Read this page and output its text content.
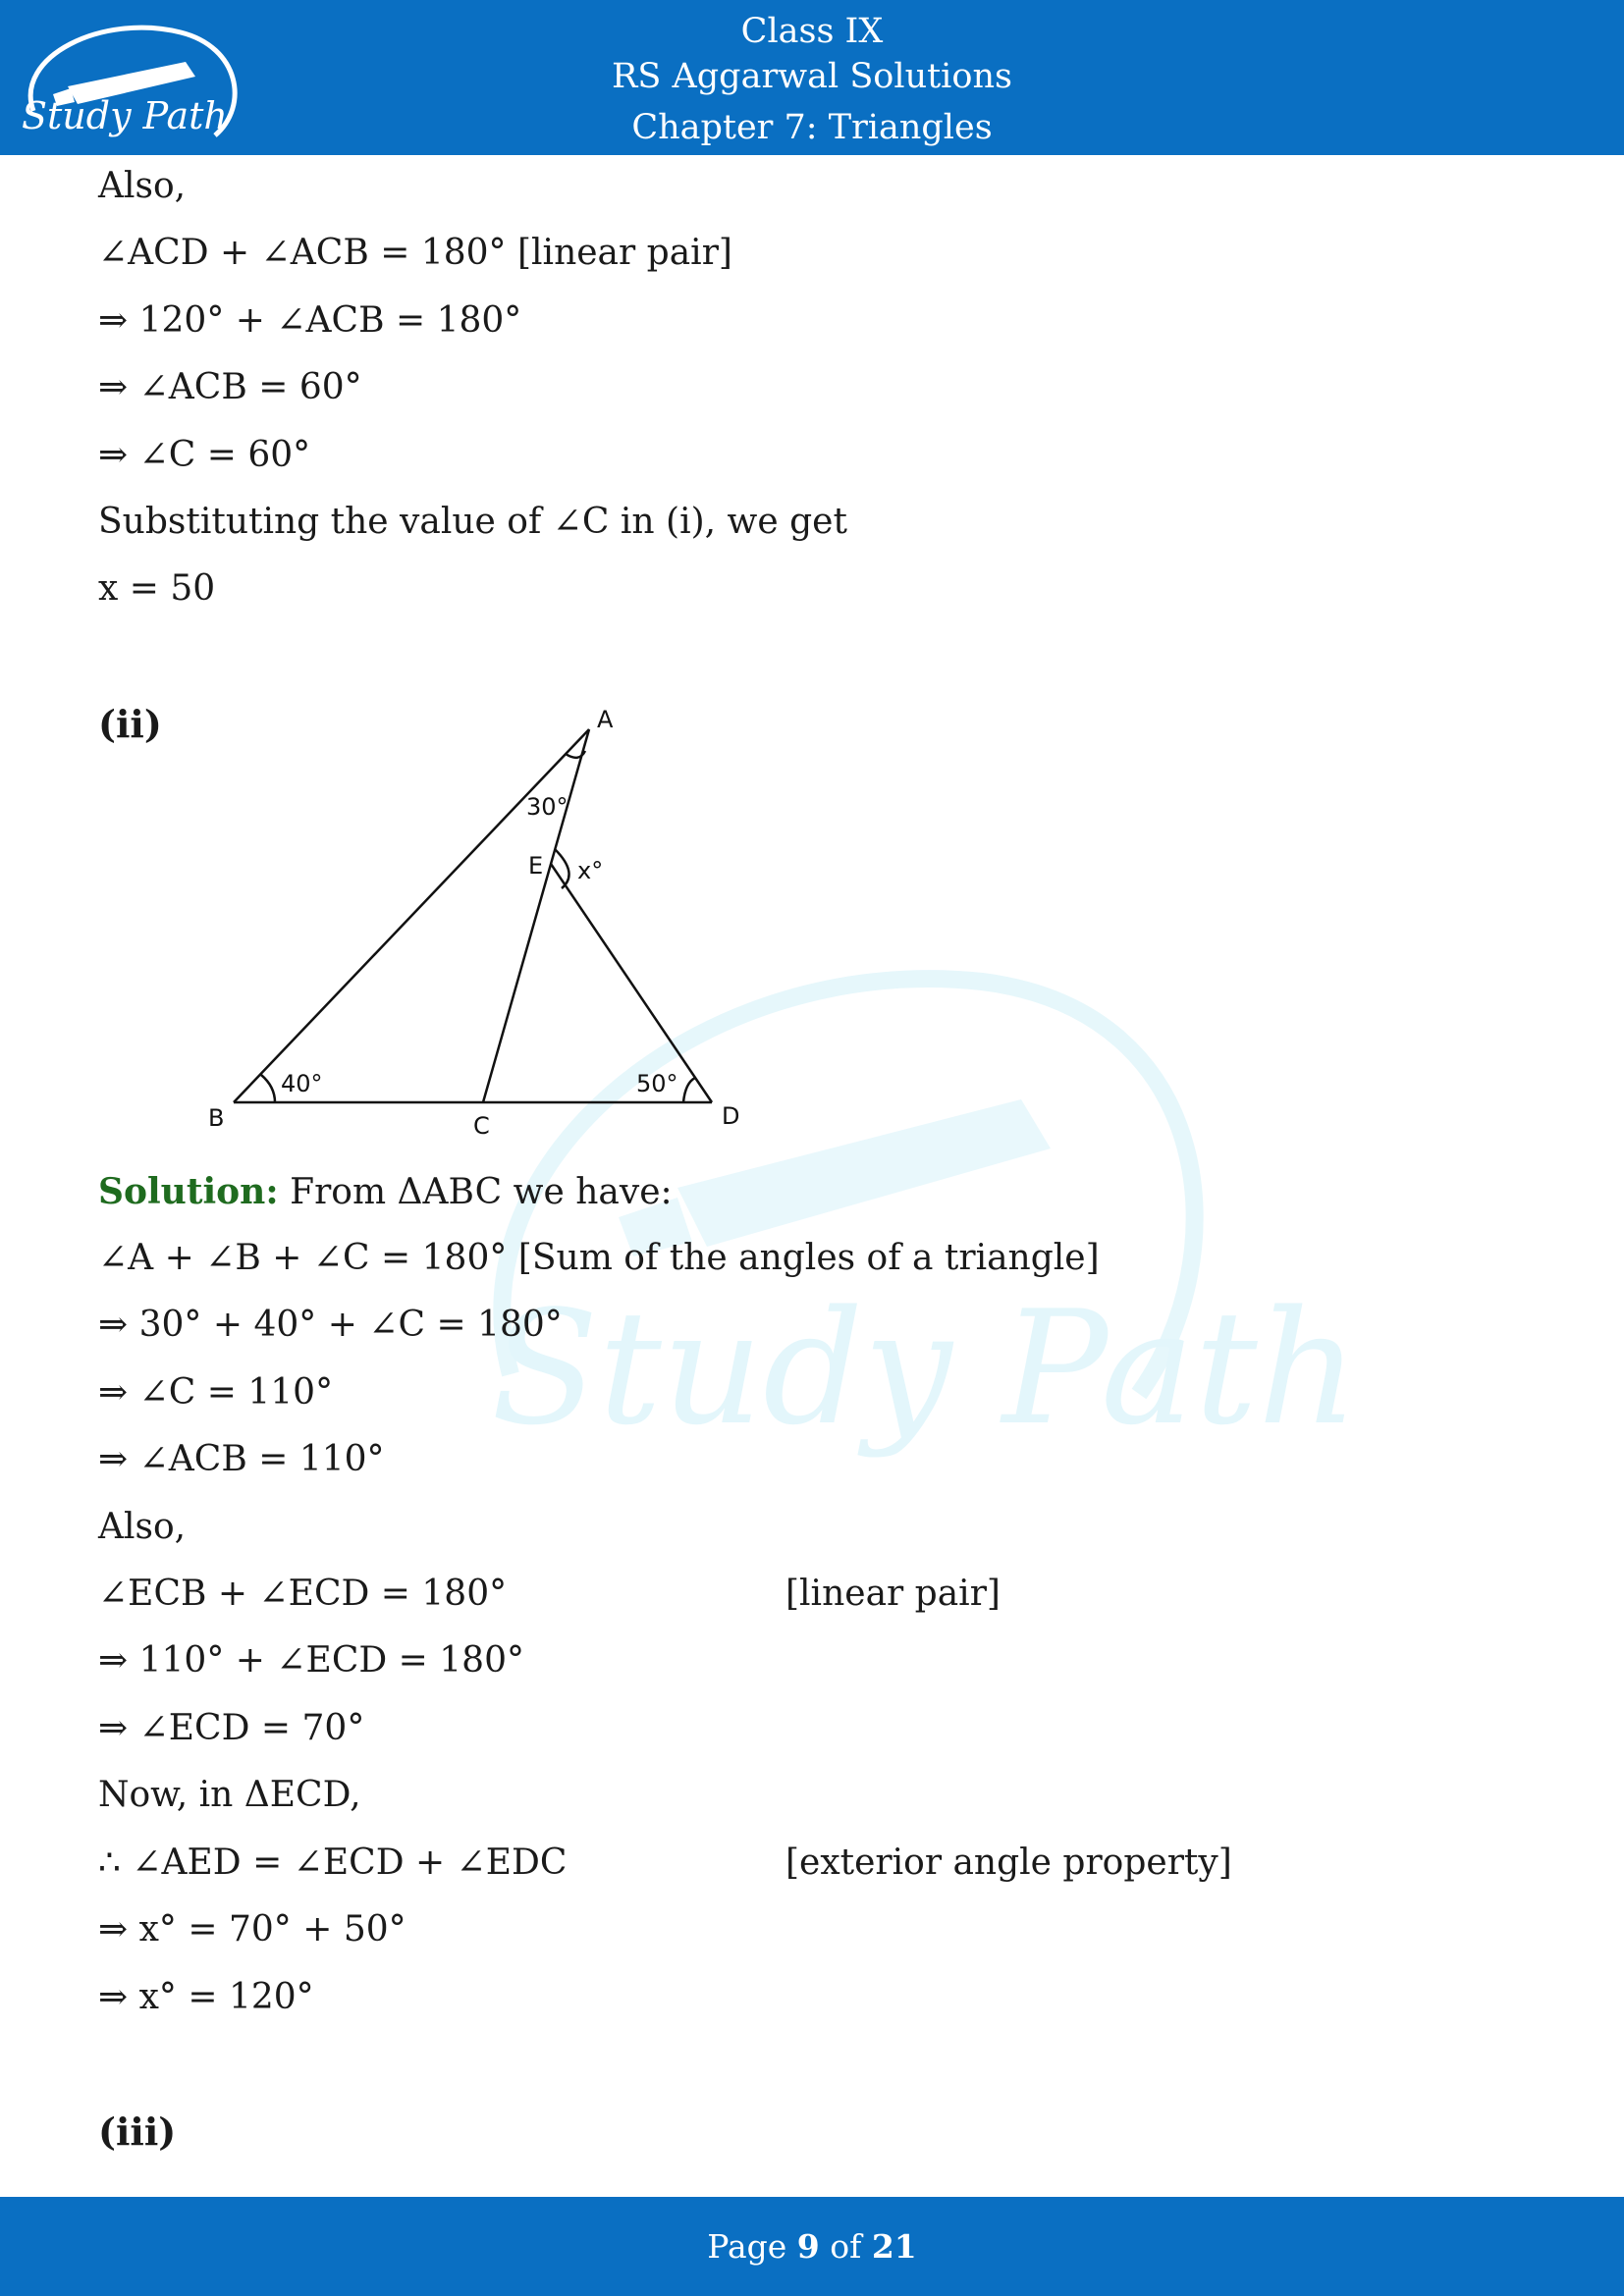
Study Path
Class IX
RS Aggarwal Solutions
Chapter 7: Triangles
Study Path
Also,
∠ACD + ∠ACB = 180° [linear pair]
⇒ 120° + ∠ACB = 180°
⇒ ∠ACB = 60°
⇒ ∠C = 60°
Substituting the value of ∠C in (i), we get
x = 50
(ii)	A
B	C	D
E
30°
x°
40°	50°
Solution: From ΔABC we have:
∠A + ∠B + ∠C = 180° [Sum of the angles of a triangle]
⇒ 30° + 40° + ∠C = 180°
⇒ ∠C = 110°
⇒ ∠ACB = 110°
Also,
∠ECB + ∠ECD = 180°	[linear pair]
⇒ 110° + ∠ECD = 180°
⇒ ∠ECD = 70°
Now, in ΔECD,
∴ ∠AED = ∠ECD + ∠EDC	[exterior angle property]
⇒ x° = 70° + 50°
⇒ x° = 120°
(iii)
Page 9 of 21
